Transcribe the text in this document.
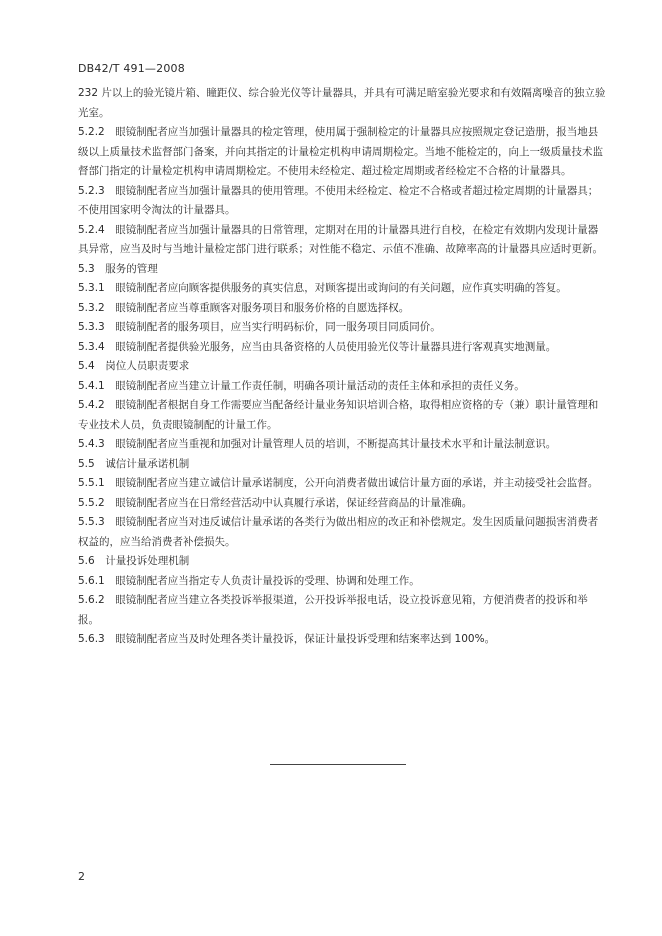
DB42/T 491—2008

232 片以上的验光镜片箱、瞳距仪、综合验光仪等计量器具，并具有可满足暗室验光要求和有效隔离噪音的独立验光室。

5.2.2　眼镜制配者应当加强计量器具的检定管理，使用属于强制检定的计量器具应按照规定登记造册，报当地县级以上质量技术监督部门备案，并向其指定的计量检定机构申请周期检定。当地不能检定的，向上一级质量技术监督部门指定的计量检定机构申请周期检定。不使用未经检定、超过检定周期或者经检定不合格的计量器具。

5.2.3　眼镜制配者应当加强计量器具的使用管理。不使用未经检定、检定不合格或者超过检定周期的计量器具；不使用国家明令淘汰的计量器具。

5.2.4　眼镜制配者应当加强计量器具的日常管理，定期对在用的计量器具进行自校，在检定有效期内发现计量器具异常，应当及时与当地计量检定部门进行联系；对性能不稳定、示值不准确、故障率高的计量器具应适时更新。

5.3　服务的管理

5.3.1　眼镜制配者应向顾客提供服务的真实信息，对顾客提出或询问的有关问题，应作真实明确的答复。

5.3.2　眼镜制配者应当尊重顾客对服务项目和服务价格的自愿选择权。

5.3.3　眼镜制配者的服务项目，应当实行明码标价，同一服务项目同质同价。

5.3.4　眼镜制配者提供验光服务，应当由具备资格的人员使用验光仪等计量器具进行客观真实地测量。

5.4　岗位人员职责要求

5.4.1　眼镜制配者应当建立计量工作责任制，明确各项计量活动的责任主体和承担的责任义务。

5.4.2　眼镜制配者根据自身工作需要应当配备经计量业务知识培训合格，取得相应资格的专（兼）职计量管理和专业技术人员，负责眼镜制配的计量工作。

5.4.3　眼镜制配者应当重视和加强对计量管理人员的培训，不断提高其计量技术水平和计量法制意识。

5.5　诚信计量承诺机制

5.5.1　眼镜制配者应当建立诚信计量承诺制度，公开向消费者做出诚信计量方面的承诺，并主动接受社会监督。

5.5.2　眼镜制配者应当在日常经营活动中认真履行承诺，保证经营商品的计量准确。

5.5.3　眼镜制配者应当对违反诚信计量承诺的各类行为做出相应的改正和补偿规定。发生因质量问题损害消费者权益的，应当给消费者补偿损失。

5.6　计量投诉处理机制

5.6.1　眼镜制配者应当指定专人负责计量投诉的受理、协调和处理工作。

5.6.2　眼镜制配者应当建立各类投诉举报渠道，公开投诉举报电话，设立投诉意见箱，方便消费者的投诉和举报。

5.6.3　眼镜制配者应当及时处理各类计量投诉，保证计量投诉受理和结案率达到 100%。

2
